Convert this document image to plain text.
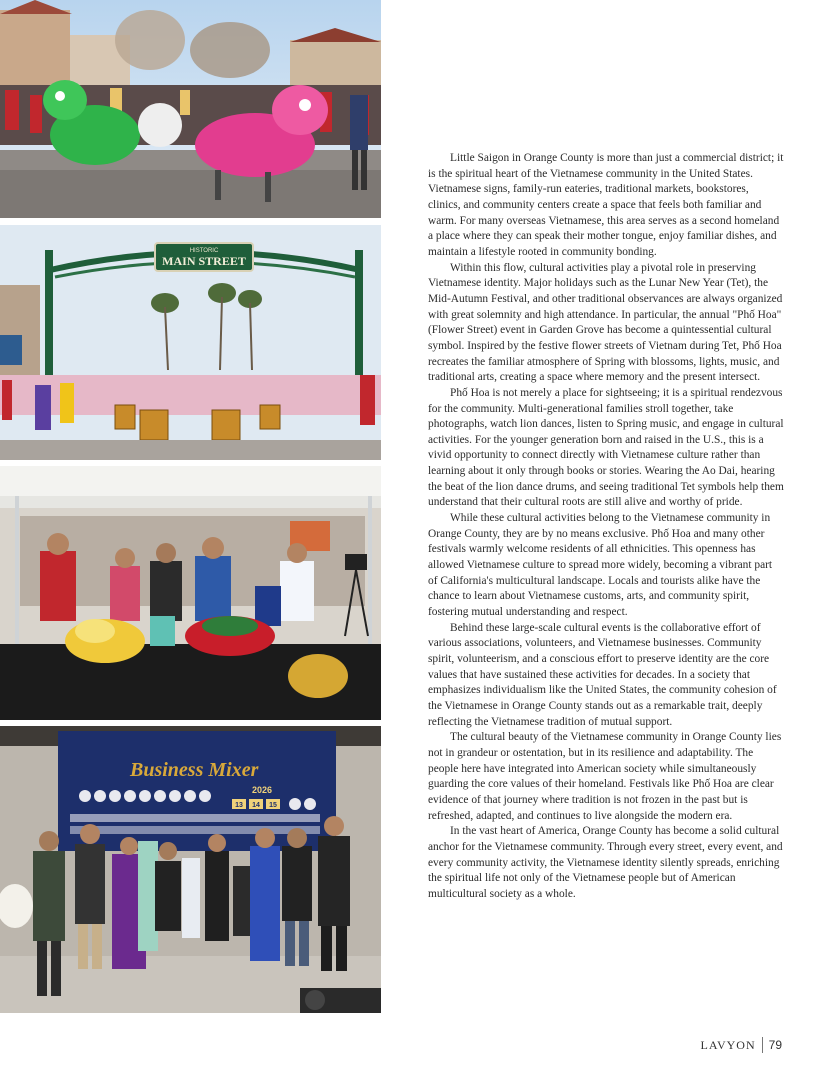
HISTORIC
MAIN STREET
Business Mixer
2026
13 14 15

Little Saigon in Orange County is more than just a commercial district; it is the spiritual heart of the Vietnamese community in the United States. Vietnamese signs, family-run eateries, traditional markets, bookstores, clinics, and community centers create a space that feels both familiar and warm. For many overseas Vietnamese, this area serves as a second homeland a place where they can speak their mother tongue, enjoy familiar dishes, and maintain a lifestyle rooted in community bonding.

Within this flow, cultural activities play a pivotal role in preserving Vietnamese identity. Major holidays such as the Lunar New Year (Tet), the Mid-Autumn Festival, and other traditional observances are always organized with great solemnity and high attendance. In particular, the annual "Phố Hoa" (Flower Street) event in Garden Grove has become a quintessential cultural symbol. Inspired by the festive flower streets of Vietnam during Tet, Phố Hoa recreates the familiar atmosphere of Spring with blossoms, lights, music, and traditional arts, creating a space where memory and the present intersect.

Phố Hoa is not merely a place for sightseeing; it is a spiritual rendezvous for the community. Multi-generational families stroll together, take photographs, watch lion dances, listen to Spring music, and engage in cultural activities. For the younger generation born and raised in the U.S., this is a vivid opportunity to connect directly with Vietnamese culture rather than learning about it only through books or stories. Wearing the Ao Dai, hearing the beat of the lion dance drums, and seeing traditional Tet symbols help them understand that their cultural roots are still alive and worthy of pride.

While these cultural activities belong to the Vietnamese community in Orange County, they are by no means exclusive. Phố Hoa and many other festivals warmly welcome residents of all ethnicities. This openness has allowed Vietnamese culture to spread more widely, becoming a vibrant part of California's multicultural landscape. Locals and tourists alike have the chance to learn about Vietnamese customs, arts, and community spirit, fostering mutual understanding and respect.

Behind these large-scale cultural events is the collaborative effort of various associations, volunteers, and Vietnamese businesses. Community spirit, volunteerism, and a conscious effort to preserve identity are the core values that have sustained these activities for decades. In a society that emphasizes individualism like the United States, the community cohesion of the Vietnamese in Orange County stands out as a remarkable trait, deeply reflecting the Vietnamese tradition of mutual support.

The cultural beauty of the Vietnamese community in Orange County lies not in grandeur or ostentation, but in its resilience and adaptability. The people here have integrated into American society while simultaneously guarding the core values of their homeland. Festivals like Phố Hoa are clear evidence of that journey where tradition is not frozen in the past but is refreshed, adapted, and continues to live alongside the modern era.

In the vast heart of America, Orange County has become a solid cultural anchor for the Vietnamese community. Through every street, every event, and every community activity, the Vietnamese identity silently spreads, enriching the spiritual life not only of the Vietnamese people but of American multicultural society as a whole.

LAVYON 79
